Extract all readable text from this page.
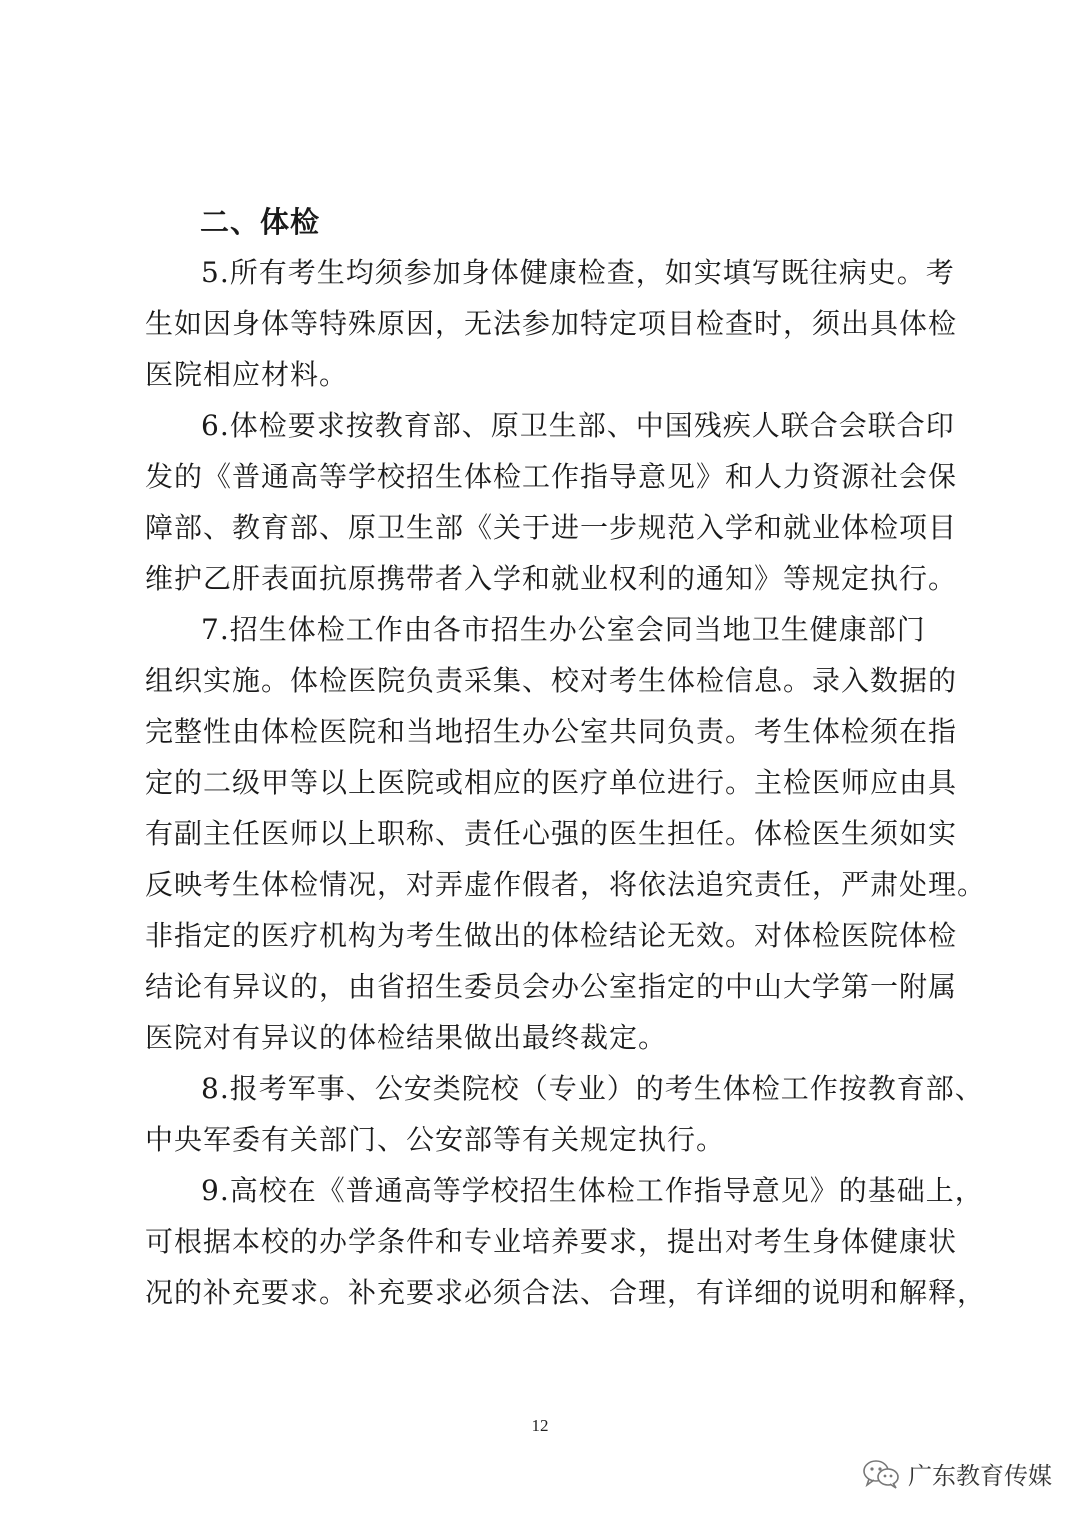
二、体检
5.所有考生均须参加身体健康检查，如实填写既往病史。考
生如因身体等特殊原因，无法参加特定项目检查时，须出具体检
医院相应材料。
6.体检要求按教育部、原卫生部、中国残疾人联合会联合印
发的《普通高等学校招生体检工作指导意见》和人力资源社会保
障部、教育部、原卫生部《关于进一步规范入学和就业体检项目
维护乙肝表面抗原携带者入学和就业权利的通知》等规定执行。
7.招生体检工作由各市招生办公室会同当地卫生健康部门
组织实施。体检医院负责采集、校对考生体检信息。录入数据的
完整性由体检医院和当地招生办公室共同负责。考生体检须在指
定的二级甲等以上医院或相应的医疗单位进行。主检医师应由具
有副主任医师以上职称、责任心强的医生担任。体检医生须如实
反映考生体检情况，对弄虚作假者，将依法追究责任，严肃处理。
非指定的医疗机构为考生做出的体检结论无效。对体检医院体检
结论有异议的，由省招生委员会办公室指定的中山大学第一附属
医院对有异议的体检结果做出最终裁定。
8.报考军事、公安类院校（专业）的考生体检工作按教育部、
中央军委有关部门、公安部等有关规定执行。
9.高校在《普通高等学校招生体检工作指导意见》的基础上，
可根据本校的办学条件和专业培养要求，提出对考生身体健康状
况的补充要求。补充要求必须合法、合理，有详细的说明和解释，
12
广东教育传媒
